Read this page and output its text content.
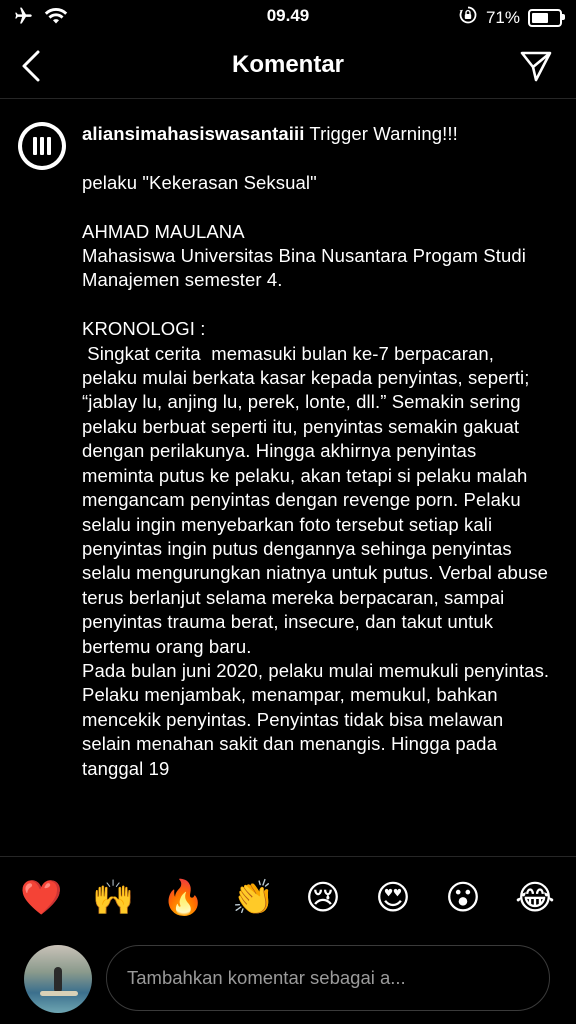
09.49	71%
Komentar
aliansimahasiswasantaiii Trigger Warning!!!

pelaku "Kekerasan Seksual"

AHMAD MAULANA
Mahasiswa Universitas Bina Nusantara Progam Studi Manajemen semester 4.

KRONOLOGI :
Singkat cerita  memasuki bulan ke-7 berpacaran, pelaku mulai berkata kasar kepada penyintas, seperti; “jablay lu, anjing lu, perek, lonte, dll.” Semakin sering pelaku berbuat seperti itu, penyintas semakin gakuat dengan perilakunya. Hingga akhirnya penyintas meminta putus ke pelaku, akan tetapi si pelaku malah mengancam penyintas dengan revenge porn. Pelaku selalu ingin menyebarkan foto tersebut setiap kali penyintas ingin putus dengannya sehinga penyintas selalu mengurungkan niatnya untuk putus. Verbal abuse terus berlanjut selama mereka berpacaran, sampai penyintas trauma berat, insecure, dan takut untuk bertemu orang baru.
Pada bulan juni 2020, pelaku mulai memukuli penyintas. Pelaku menjambak, menampar, memukul, bahkan mencekik penyintas. Penyintas tidak bisa melawan selain menahan sakit dan menangis. Hingga pada tanggal 19
❤️ 🙌 🔥 👏 😢 😍 😮 😂
Tambahkan komentar sebagai a...
